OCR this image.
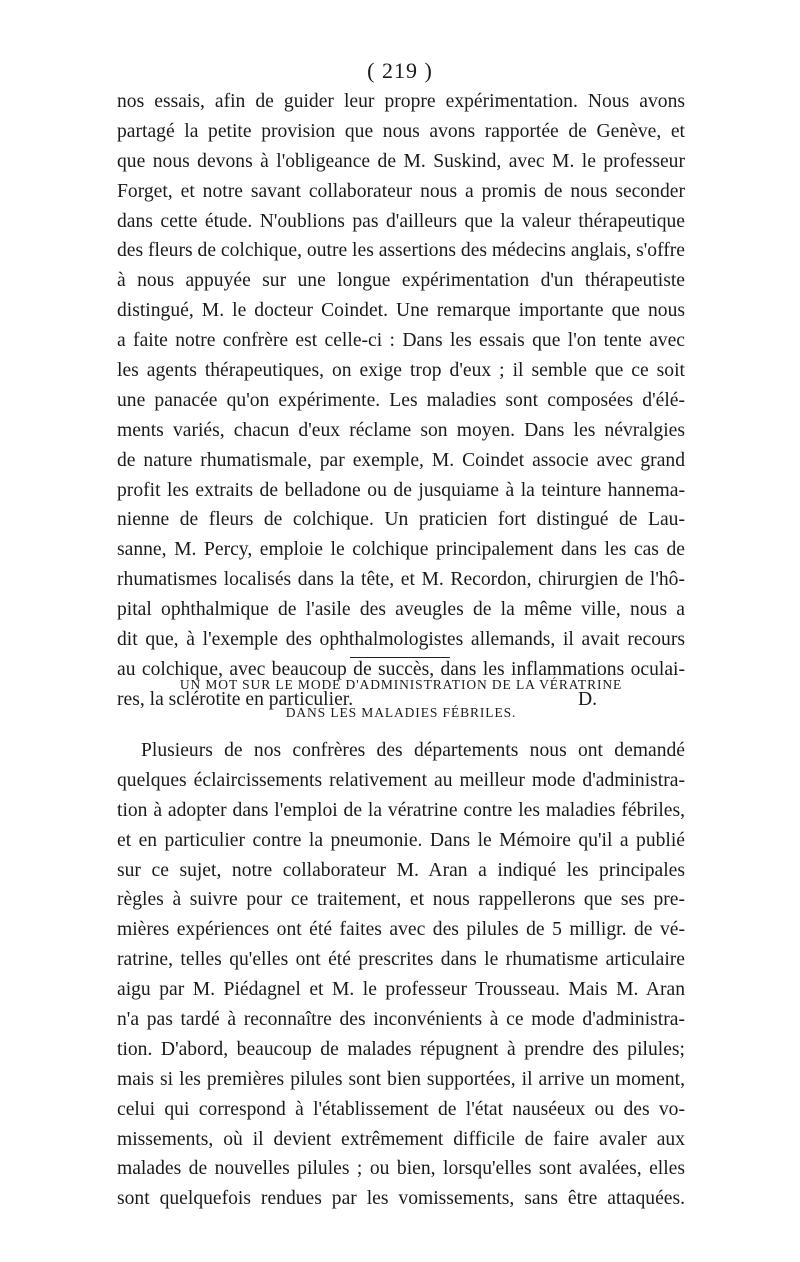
( 219 )
nos essais, afin de guider leur propre expérimentation. Nous avons
partagé la petite provision que nous avons rapportée de Genève, et
que nous devons à l'obligeance de M. Suskind, avec M. le professeur
Forget, et notre savant collaborateur nous a promis de nous seconder
dans cette étude. N'oublions pas d'ailleurs que la valeur thérapeutique
des fleurs de colchique, outre les assertions des médecins anglais, s'offre
à nous appuyée sur une longue expérimentation d'un thérapeutiste
distingué, M. le docteur Coindet. Une remarque importante que nous
a faite notre confrère est celle-ci : Dans les essais que l'on tente avec
les agents thérapeutiques, on exige trop d'eux ; il semble que ce soit
une panacée qu'on expérimente. Les maladies sont composées d'élé-
ments variés, chacun d'eux réclame son moyen. Dans les névralgies
de nature rhumatismale, par exemple, M. Coindet associe avec grand
profit les extraits de belladone ou de jusquiame à la teinture hannema-
nienne de fleurs de colchique. Un praticien fort distingué de Lau-
sanne, M. Percy, emploie le colchique principalement dans les cas de
rhumatismes localisés dans la tête, et M. Recordon, chirurgien de l'hô-
pital ophthalmique de l'asile des aveugles de la même ville, nous a
dit que, à l'exemple des ophthalmologistes allemands, il avait recours
au colchique, avec beaucoup de succès, dans les inflammations oculai-
res, la sclérotite en particulier.	D.
UN MOT SUR LE MODE D'ADMINISTRATION DE LA VÉRATRINE
DANS LES MALADIES FÉBRILES.
Plusieurs de nos confrères des départements nous ont demandé
quelques éclaircissements relativement au meilleur mode d'administra-
tion à adopter dans l'emploi de la vératrine contre les maladies fébriles,
et en particulier contre la pneumonie. Dans le Mémoire qu'il a publié
sur ce sujet, notre collaborateur M. Aran a indiqué les principales
règles à suivre pour ce traitement, et nous rappellerons que ses pre-
mières expériences ont été faites avec des pilules de 5 milligr. de vé-
ratrine, telles qu'elles ont été prescrites dans le rhumatisme articulaire
aigu par M. Piédagnel et M. le professeur Trousseau. Mais M. Aran
n'a pas tardé à reconnaître des inconvénients à ce mode d'administra-
tion. D'abord, beaucoup de malades répugnent à prendre des pilules;
mais si les premières pilules sont bien supportées, il arrive un moment,
celui qui correspond à l'établissement de l'état nauséeux ou des vo-
missements, où il devient extrêmement difficile de faire avaler aux
malades de nouvelles pilules ; ou bien, lorsqu'elles sont avalées, elles
sont quelquefois rendues par les vomissements, sans être attaquées.
